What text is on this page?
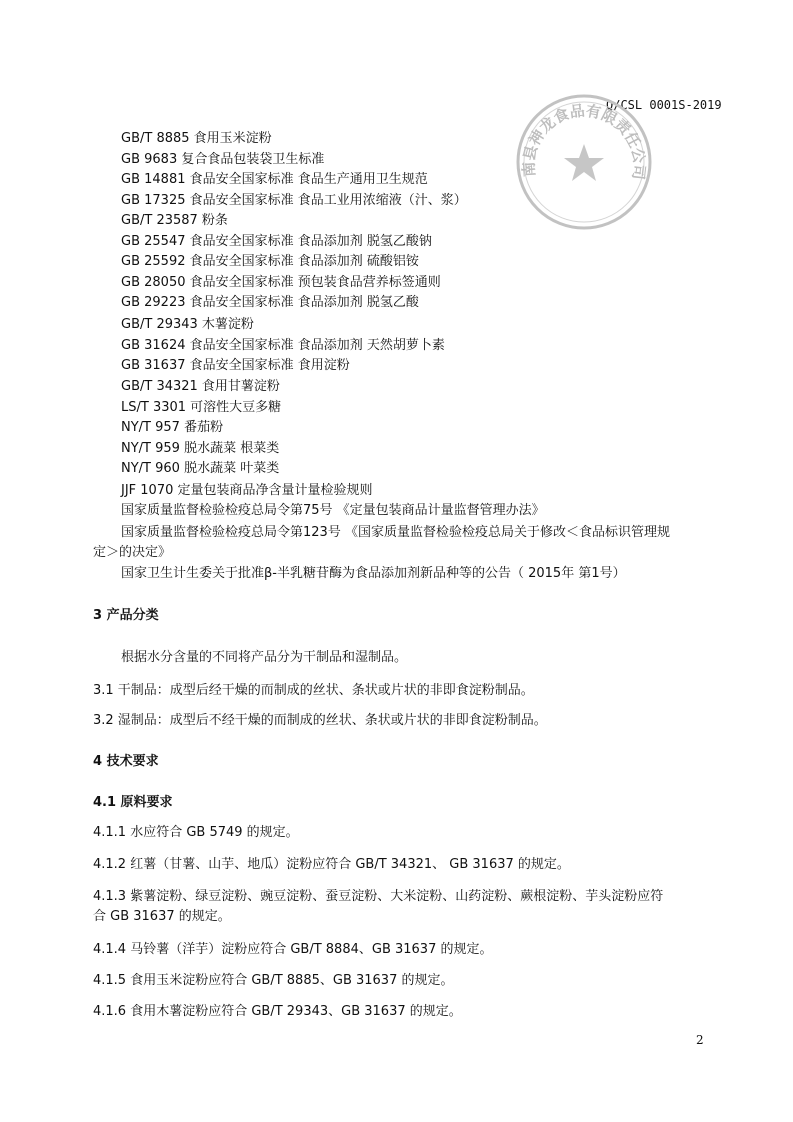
Q/CSL 0001S-2019
南县神龙食品有限责任公司
GB/T 8885 食用玉米淀粉
GB 9683 复合食品包装袋卫生标准
GB 14881 食品安全国家标准 食品生产通用卫生规范
GB 17325 食品安全国家标准 食品工业用浓缩液（汁、浆）
GB/T 23587 粉条
GB 25547 食品安全国家标准 食品添加剂 脱氢乙酸钠
GB 25592 食品安全国家标准 食品添加剂 硫酸铝铵
GB 28050 食品安全国家标准 预包装食品营养标签通则
GB 29223 食品安全国家标准 食品添加剂 脱氢乙酸
GB/T 29343 木薯淀粉
GB 31624 食品安全国家标准 食品添加剂 天然胡萝卜素
GB 31637 食品安全国家标准 食用淀粉
GB/T 34321 食用甘薯淀粉
LS/T 3301 可溶性大豆多糖
NY/T 957 番茄粉
NY/T 959 脱水蔬菜 根菜类
NY/T 960 脱水蔬菜 叶菜类
JJF 1070 定量包装商品净含量计量检验规则
国家质量监督检验检疫总局令第75号 《定量包装商品计量监督管理办法》
国家质量监督检验检疫总局令第123号 《国家质量监督检验检疫总局关于修改＜食品标识管理规
定＞的决定》
国家卫生计生委关于批准β-半乳糖苷酶为食品添加剂新品种等的公告（ 2015年 第1号）
3 产品分类
根据水分含量的不同将产品分为干制品和湿制品。
3.1 干制品：成型后经干燥的而制成的丝状、条状或片状的非即食淀粉制品。
3.2 湿制品：成型后不经干燥的而制成的丝状、条状或片状的非即食淀粉制品。
4 技术要求
4.1 原料要求
4.1.1 水应符合 GB 5749 的规定。
4.1.2 红薯（甘薯、山芋、地瓜）淀粉应符合 GB/T 34321、 GB 31637 的规定。
4.1.3 紫薯淀粉、绿豆淀粉、豌豆淀粉、蚕豆淀粉、大米淀粉、山药淀粉、蕨根淀粉、芋头淀粉应符
合 GB 31637 的规定。
4.1.4 马铃薯（洋芋）淀粉应符合 GB/T 8884、GB 31637 的规定。
4.1.5 食用玉米淀粉应符合 GB/T 8885、GB 31637 的规定。
4.1.6 食用木薯淀粉应符合 GB/T 29343、GB 31637 的规定。
2
